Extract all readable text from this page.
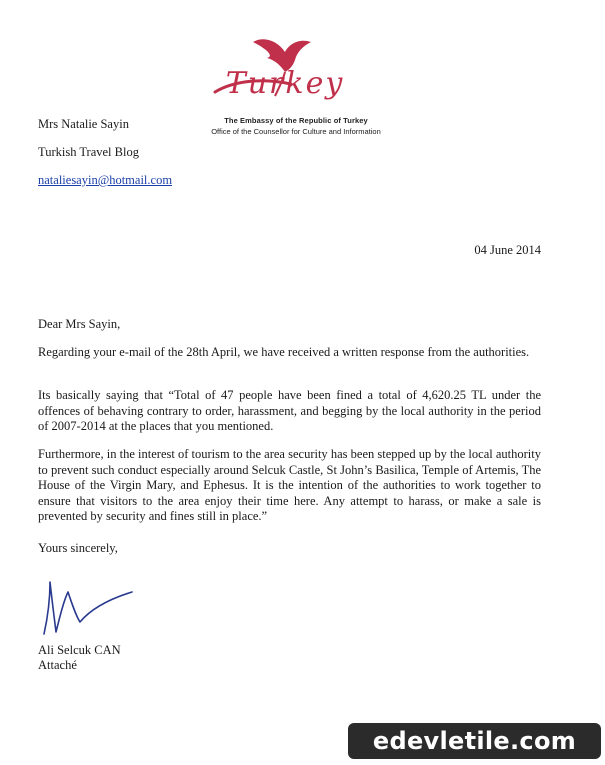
Turkey
The Embassy of the Republic of Turkey
Office of the Counsellor for Culture and Information
Mrs Natalie Sayin
Turkish Travel Blog
nataliesayin@hotmail.com
04 June 2014
Dear Mrs Sayin,
Regarding your e-mail of the 28th April, we have received a written response from the authorities.
Its basically saying that “Total of 47 people have been fined a total of 4,620.25 TL under the offences of behaving contrary to order, harassment, and begging by the local authority in the period of 2007-2014 at the places that you mentioned.
Furthermore, in the interest of tourism to the area security has been stepped up by the local authority to prevent such conduct especially around Selcuk Castle, St John’s Basilica, Temple of Artemis, The House of the Virgin Mary, and Ephesus. It is the intention of the authorities to work together to ensure that visitors to the area enjoy their time here. Any attempt to harass, or make a sale is prevented by security and fines still in place.”
Yours sincerely,
Ali Selcuk CAN
Attaché
edevletile.com
